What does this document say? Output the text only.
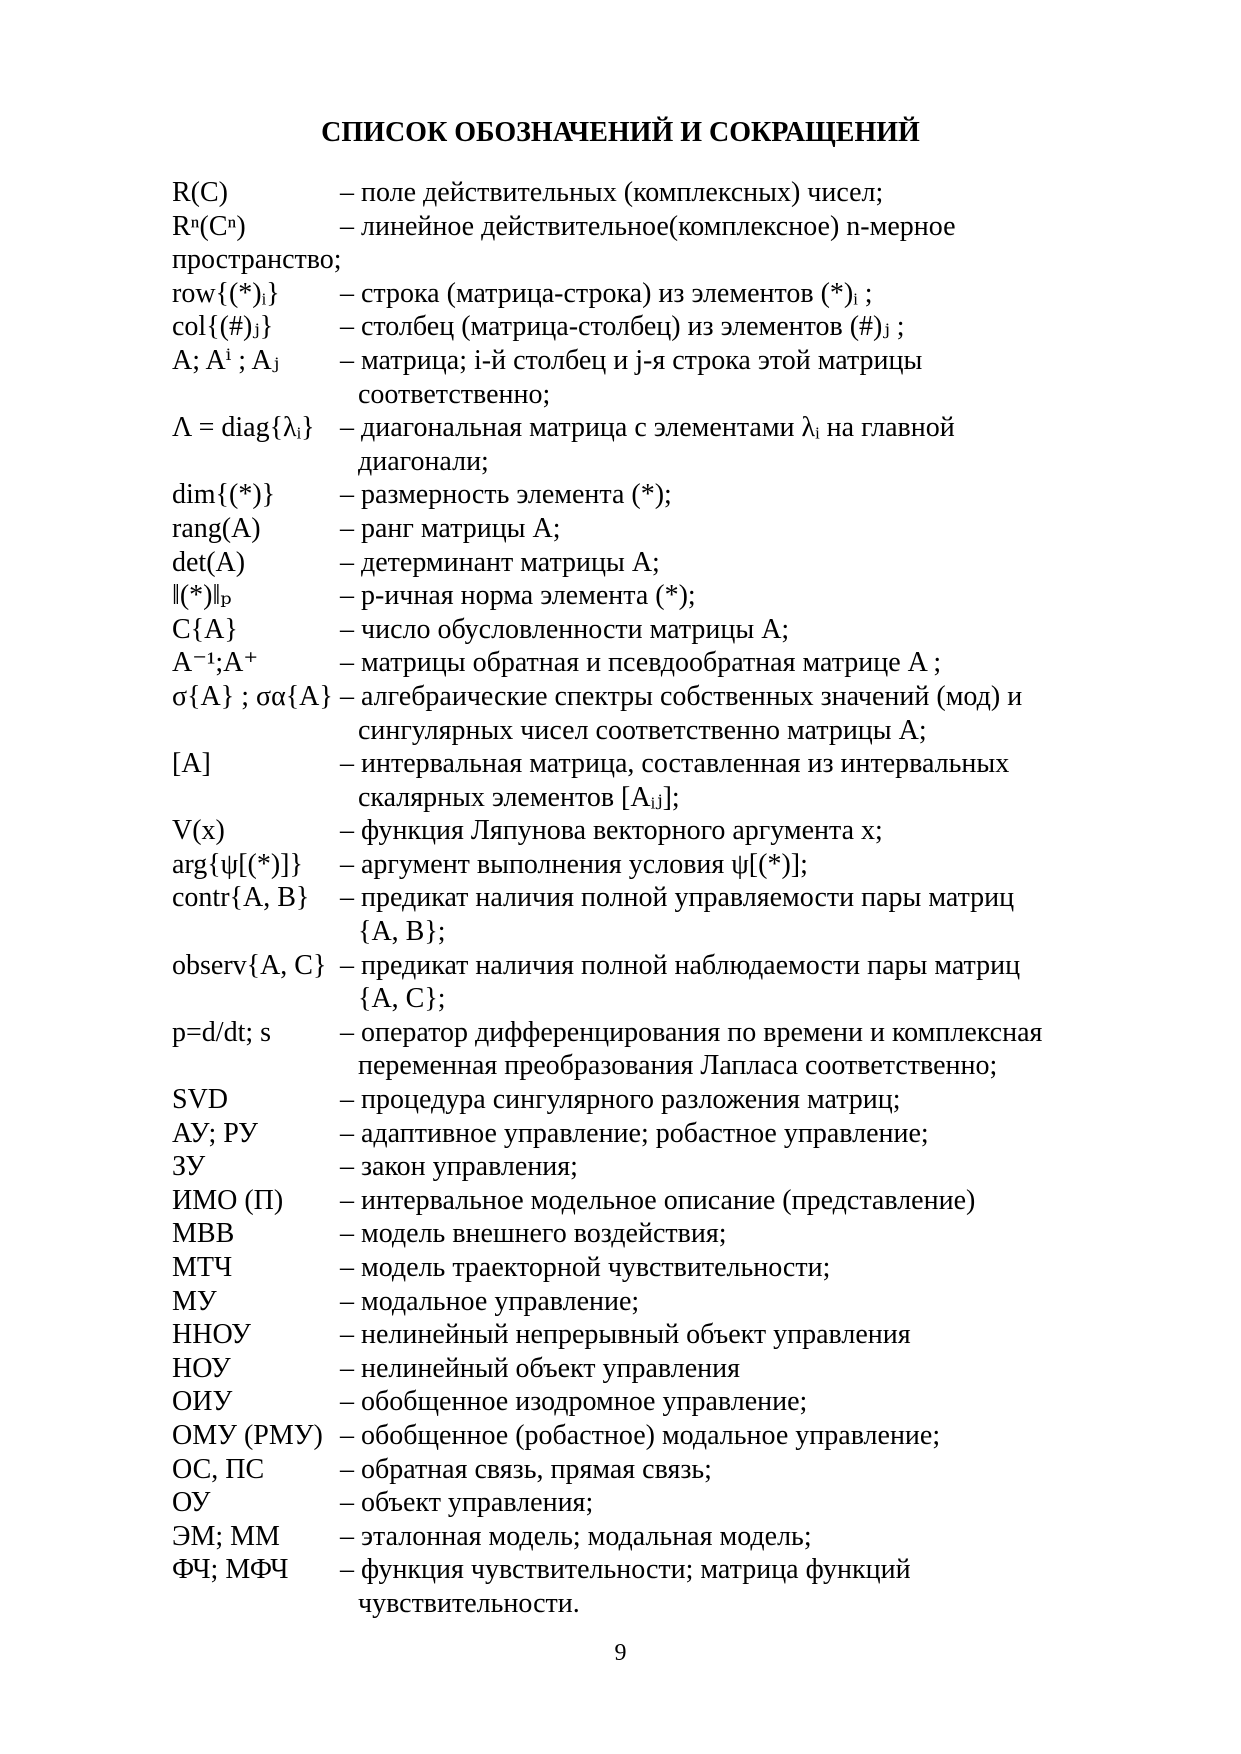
СПИСОК ОБОЗНАЧЕНИЙ И СОКРАЩЕНИЙ
R(C)	– поле действительных (комплексных) чисел;
Rⁿ(Cⁿ)	– линейное действительное(комплексное) n-мерное
пространство;
row{(*)ᵢ} – строка (матрица-строка) из элементов (*)ᵢ ;
col{(#)ⱼ} – столбец (матрица-столбец) из элементов (#)ⱼ ;
A; Aⁱ ; Aⱼ – матрица; i-й столбец и j-я строка этой матрицы
соответственно;
Λ = diag{λᵢ} – диагональная матрица с элементами λᵢ на главной
диагонали;
dim{(*)} – размерность элемента (*);
rang(A)	– ранг матрицы А;
det(A)	– детерминант матрицы А;
‖(*)‖ₚ	– p-ичная норма элемента (*);
C{A}	– число обусловленности матрицы A;
A⁻¹;A⁺	– матрицы обратная и псевдообратная матрице A ;
σ{A} ; σα{A} – алгебраические спектры собственных значений (мод) и
сингулярных чисел соответственно матрицы A;
[A]	– интервальная матрица, составленная из интервальных
скалярных элементов [Aᵢⱼ];
V(x)	– функция Ляпунова векторного аргумента x;
arg{ψ[(*)]} – аргумент выполнения условия ψ[(*)];
contr{A, B} – предикат наличия полной управляемости пары матриц
{A, B};
observ{A, C} – предикат наличия полной наблюдаемости пары матриц
{A, C};
p=d/dt; s – оператор дифференцирования по времени и комплексная
переменная преобразования Лапласа соответственно;
SVD	– процедура сингулярного разложения матриц;
АУ; РУ	– адаптивное управление; робастное управление;
ЗУ	– закон управления;
ИМО (П) – интервальное модельное описание (представление)
МВВ	– модель внешнего воздействия;
МТЧ	– модель траекторной чувствительности;
МУ	– модальное управление;
ННОУ	– нелинейный непрерывный объект управления
НОУ	– нелинейный объект управления
ОИУ	– обобщенное изодромное управление;
ОМУ (РМУ) – обобщенное (робастное) модальное управление;
ОС, ПС	– обратная связь, прямая связь;
ОУ	– объект управления;
ЭМ; ММ – эталонная модель; модальная модель;
ФЧ; МФЧ – функция чувствительности; матрица функций
чувствительности.
9
